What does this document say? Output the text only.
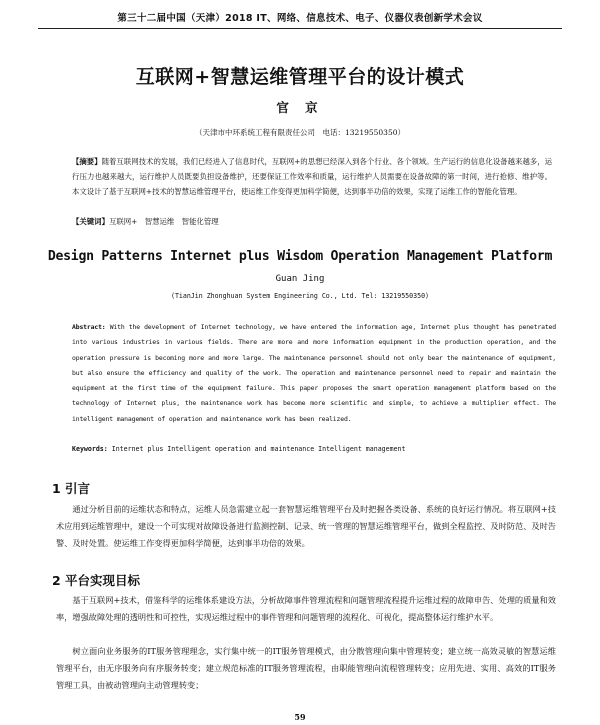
第三十二届中国（天津）2018 IT、网络、信息技术、电子、仪器仪表创新学术会议
互联网+智慧运维管理平台的设计模式
官 京
（天津市中环系统工程有限责任公司　电话：13219550350）
【摘要】随着互联网技术的发展，我们已经进入了信息时代，互联网+的思想已经深入到各个行业、各个领域。生产运行的信息化设备越来越多，运行压力也越来越大，运行维护人员既要负担设备维护，还要保证工作效率和质量，运行维护人员需要在设备故障的第一时间，进行抢修、维护等。本文设计了基于互联网+技术的智慧运维管理平台，使运维工作变得更加科学简便，达到事半功倍的效果，实现了运维工作的智能化管理。
【关键词】互联网+　智慧运维　智能化管理
Design Patterns Internet plus Wisdom Operation Management Platform
Guan Jing
(TianJin Zhonghuan System Engineering Co., Ltd. Tel: 13219550350)
Abstract: With the development of Internet technology, we have entered the information age, Internet plus thought has penetrated into various industries in various fields. There are more and more information equipment in the production operation, and the operation pressure is becoming more and more large. The maintenance personnel should not only bear the maintenance of equipment, but also ensure the efficiency and quality of the work. The operation and maintenance personnel need to repair and maintain the equipment at the first time of the equipment failure. This paper proposes the smart operation management platform based on the technology of Internet plus, the maintenance work has become more scientific and simple, to achieve a multiplier effect. The intelligent management of operation and maintenance work has been realized.
Keywords: Internet plus Intelligent operation and maintenance Intelligent management
1 引言
通过分析目前的运维状态和特点，运维人员急需建立起一套智慧运维管理平台及时把握各类设备、系统的良好运行情况。将互联网+技术应用到运维管理中，建设一个可实现对故障设备进行监测控制、记录、统一管理的智慧运维管理平台，做到全程监控、及时防范、及时告警、及时处置。使运维工作变得更加科学简便，达到事半功倍的效果。
2 平台实现目标
基于互联网+技术，借鉴科学的运维体系建设方法，分析故障事件管理流程和问题管理流程提升运维过程的故障申告、处理的质量和效率，增强故障处理的透明性和可控性，实现运维过程中的事件管理和问题管理的流程化、可视化，提高整体运行维护水平。
树立面向业务服务的IT服务管理理念，实行集中统一的IT服务管理模式，由分散管理向集中管理转变；建立统一高效灵敏的智慧运维管理平台，由无序服务向有序服务转变；建立规范标准的IT服务管理流程，由职能管理向流程管理转变；应用先进、实用、高效的IT服务管理工具，由被动管理向主动管理转变；
59
